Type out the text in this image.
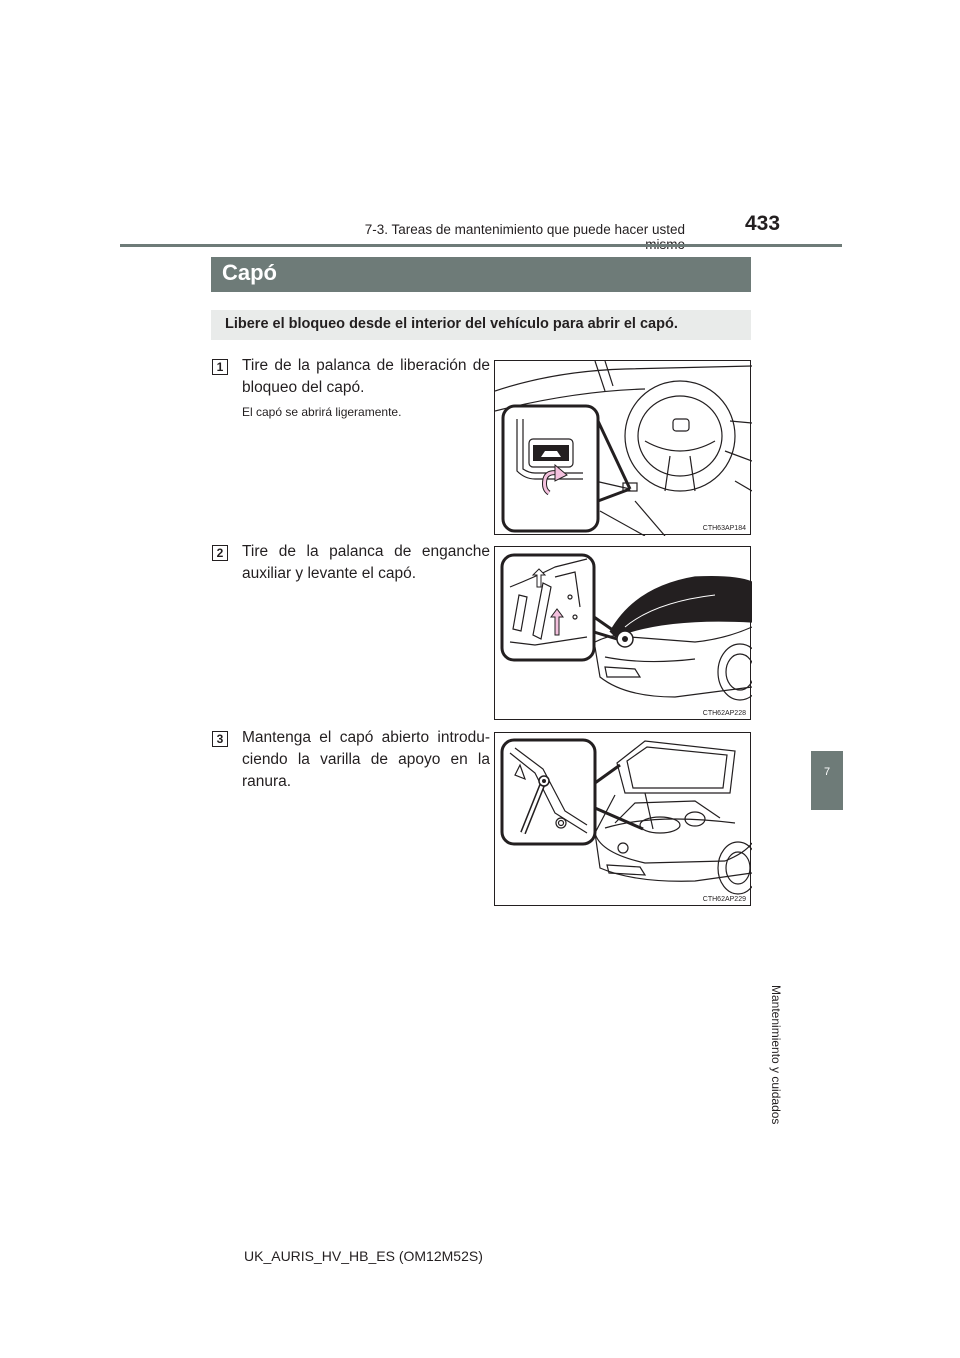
7-3. Tareas de mantenimiento que puede hacer usted	433
7
Mantenimiento y cuidados
Capó
Libere el bloqueo desde el interior del vehículo para abrir el capó.
1	Tire de la palanca de liberación de bloqueo del capó.
El capó se abrirá ligeramente.
CTH63AP184
2	Tire de la palanca de enganche auxiliar y levante el capó.
CTH62AP228
3	Mantenga el capó abierto introdu-ciendo la varilla de apoyo en la ranura.
CTH62AP229
UK_AURIS_HV_HB_ES (OM12M52S)
